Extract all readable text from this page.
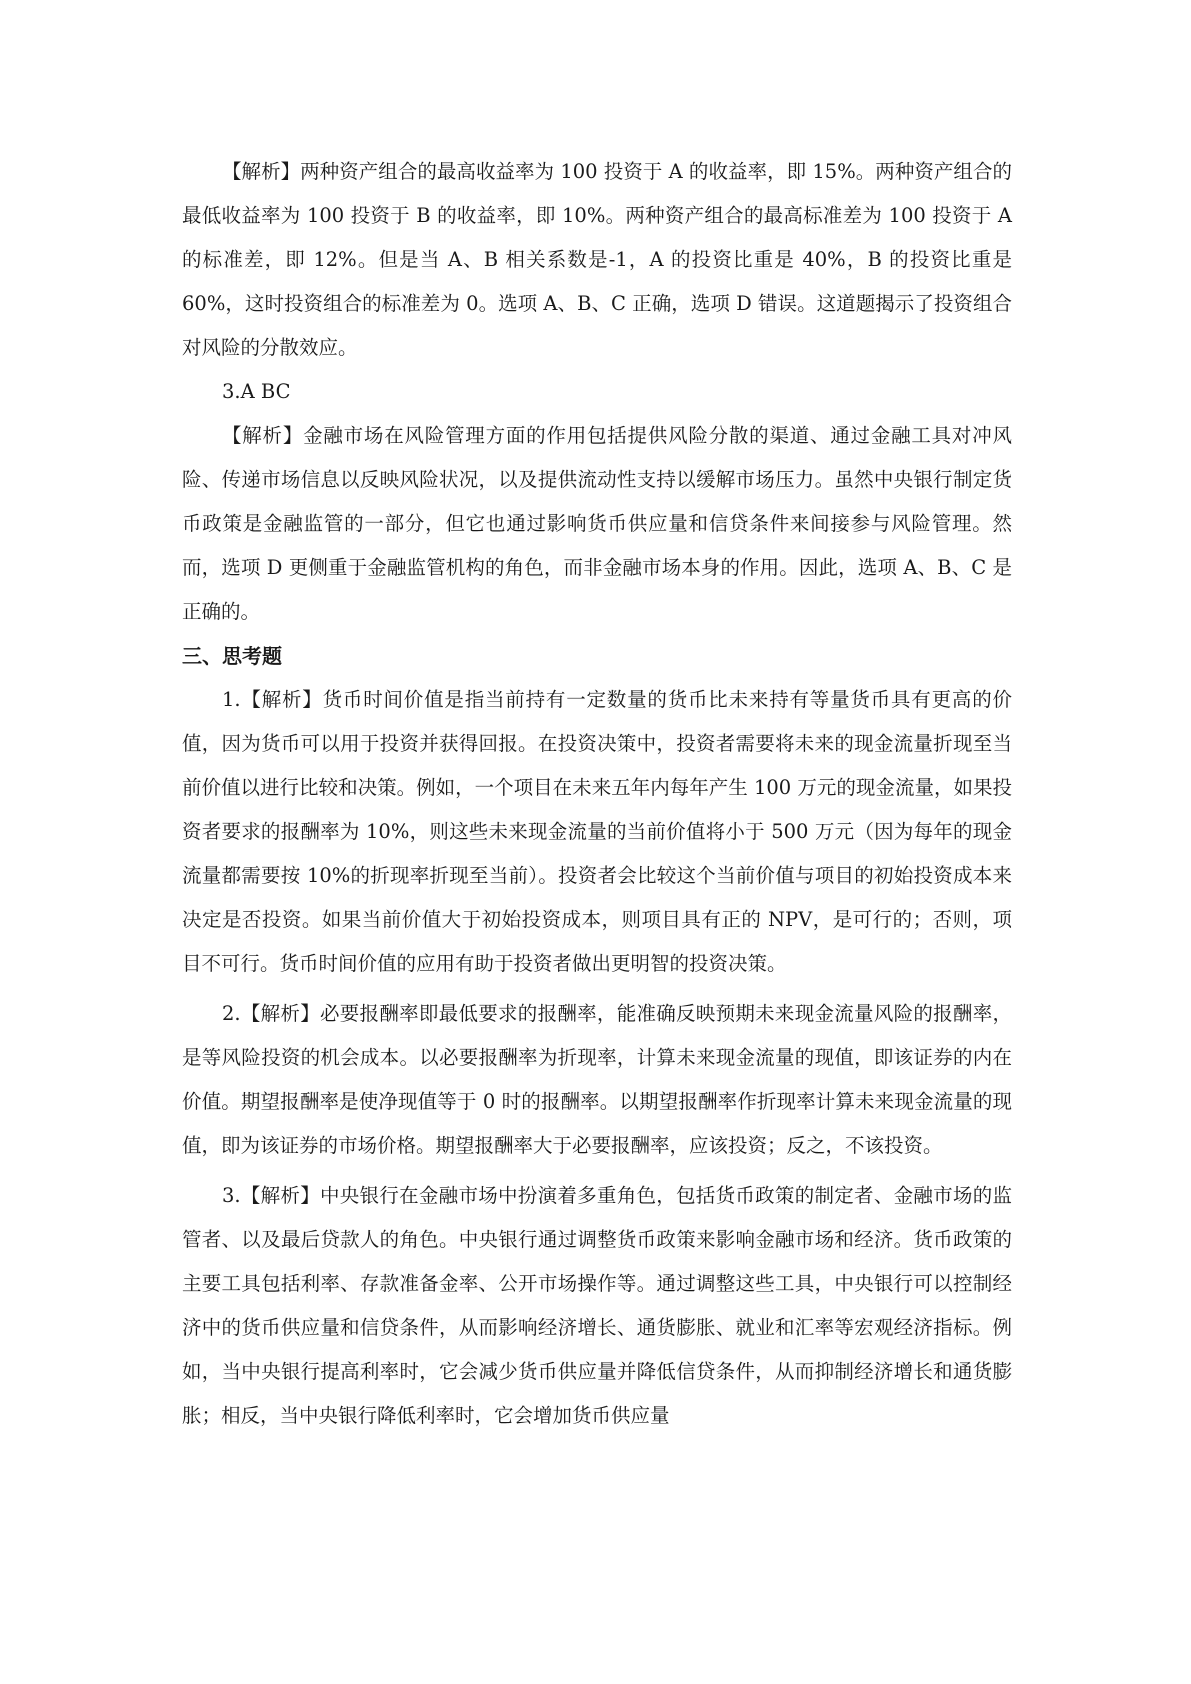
【解析】两种资产组合的最高收益率为 100 投资于 A 的收益率，即 15%。两种资产组合的最低收益率为 100 投资于 B 的收益率，即 10%。两种资产组合的最高标准差为 100 投资于 A 的标准差，即 12%。但是当 A、B 相关系数是-1，A 的投资比重是 40%，B 的投资比重是 60%，这时投资组合的标准差为 0。选项 A、B、C 正确，选项 D 错误。这道题揭示了投资组合对风险的分散效应。

3.A BC

【解析】金融市场在风险管理方面的作用包括提供风险分散的渠道、通过金融工具对冲风险、传递市场信息以反映风险状况，以及提供流动性支持以缓解市场压力。虽然中央银行制定货币政策是金融监管的一部分，但它也通过影响货币供应量和信贷条件来间接参与风险管理。然而，选项 D 更侧重于金融监管机构的角色，而非金融市场本身的作用。因此，选项 A、B、C 是正确的。

三、思考题

1.【解析】货币时间价值是指当前持有一定数量的货币比未来持有等量货币具有更高的价值，因为货币可以用于投资并获得回报。在投资决策中，投资者需要将未来的现金流量折现至当前价值以进行比较和决策。例如，一个项目在未来五年内每年产生 100 万元的现金流量，如果投资者要求的报酬率为 10%，则这些未来现金流量的当前价值将小于 500 万元（因为每年的现金流量都需要按 10%的折现率折现至当前）。投资者会比较这个当前价值与项目的初始投资成本来决定是否投资。如果当前价值大于初始投资成本，则项目具有正的 NPV，是可行的；否则，项目不可行。货币时间价值的应用有助于投资者做出更明智的投资决策。

2.【解析】必要报酬率即最低要求的报酬率，能准确反映预期未来现金流量风险的报酬率，是等风险投资的机会成本。以必要报酬率为折现率，计算未来现金流量的现值，即该证券的内在价值。期望报酬率是使净现值等于 0 时的报酬率。以期望报酬率作折现率计算未来现金流量的现值，即为该证券的市场价格。期望报酬率大于必要报酬率，应该投资；反之，不该投资。

3.【解析】中央银行在金融市场中扮演着多重角色，包括货币政策的制定者、金融市场的监管者、以及最后贷款人的角色。中央银行通过调整货币政策来影响金融市场和经济。货币政策的主要工具包括利率、存款准备金率、公开市场操作等。通过调整这些工具，中央银行可以控制经济中的货币供应量和信贷条件，从而影响经济增长、通货膨胀、就业和汇率等宏观经济指标。例如，当中央银行提高利率时，它会减少货币供应量并降低信贷条件，从而抑制经济增长和通货膨胀；相反，当中央银行降低利率时，它会增加货币供应量
